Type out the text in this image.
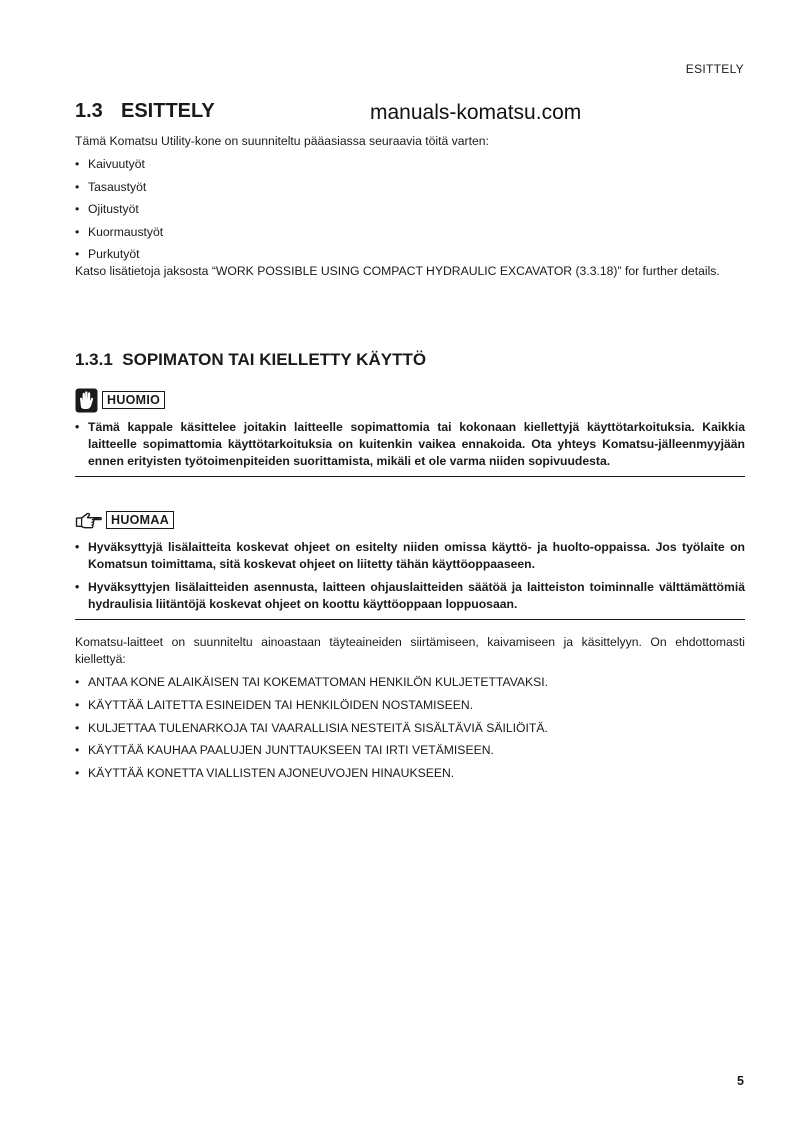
ESITTELY
manuals-komatsu.com
1.3 ESITTELY
Tämä Komatsu Utility-kone on suunniteltu pääasiassa seuraavia töitä varten:
• Kaivuutyöt
• Tasaustyöt
• Ojitustyöt
• Kuormaustyöt
• Purkutyöt
Katso lisätietoja jaksosta “WORK POSSIBLE USING COMPACT HYDRAULIC EXCAVATOR (3.3.18)” for further details.
1.3.1 SOPIMATON TAI KIELLETTY KÄYTTÖ
HUOMIO
• Tämä kappale käsittelee joitakin laitteelle sopimattomia tai kokonaan kiellettyjä käyttötarkoituksia. Kaikkia laitteelle sopimattomia käyttötarkoituksia on kuitenkin vaikea ennakoida. Ota yhteys Komatsu-jälleenmyyjään ennen erityisten työtoimenpiteiden suorittamista, mikäli et ole varma niiden sopivuudesta.
HUOMAA
• Hyväksyttyjä lisälaitteita koskevat ohjeet on esitelty niiden omissa käyttö- ja huolto-oppaissa. Jos työlaite on Komatsun toimittama, sitä koskevat ohjeet on liitetty tähän käyttöoppaaseen.
• Hyväksyttyjen lisälaitteiden asennusta, laitteen ohjauslaitteiden säätöä ja laitteiston toiminnalle välttämättömiä hydraulisia liitäntöjä koskevat ohjeet on koottu käyttöoppaan loppuosaan.
Komatsu-laitteet on suunniteltu ainoastaan täyteaineiden siirtämiseen, kaivamiseen ja käsittelyyn. On ehdottomasti kiellettyä:
• ANTAA KONE ALAIKÄISEN TAI KOKEMATTOMAN HENKILÖN KULJETETTAVAKSI.
• KÄYTTÄÄ LAITETTA ESINEIDEN TAI HENKILÖIDEN NOSTAMISEEN.
• KULJETTAA TULENARKOJA TAI VAARALLISIA NESTEITÄ SISÄLTÄVIÄ SÄILIÖITÄ.
• KÄYTTÄÄ KAUHAA PAALUJEN JUNTTAUKSEEN TAI IRTI VETÄMISEEN.
• KÄYTTÄÄ KONETTA VIALLISTEN AJONEUVOJEN HINAUKSEEN.
5
